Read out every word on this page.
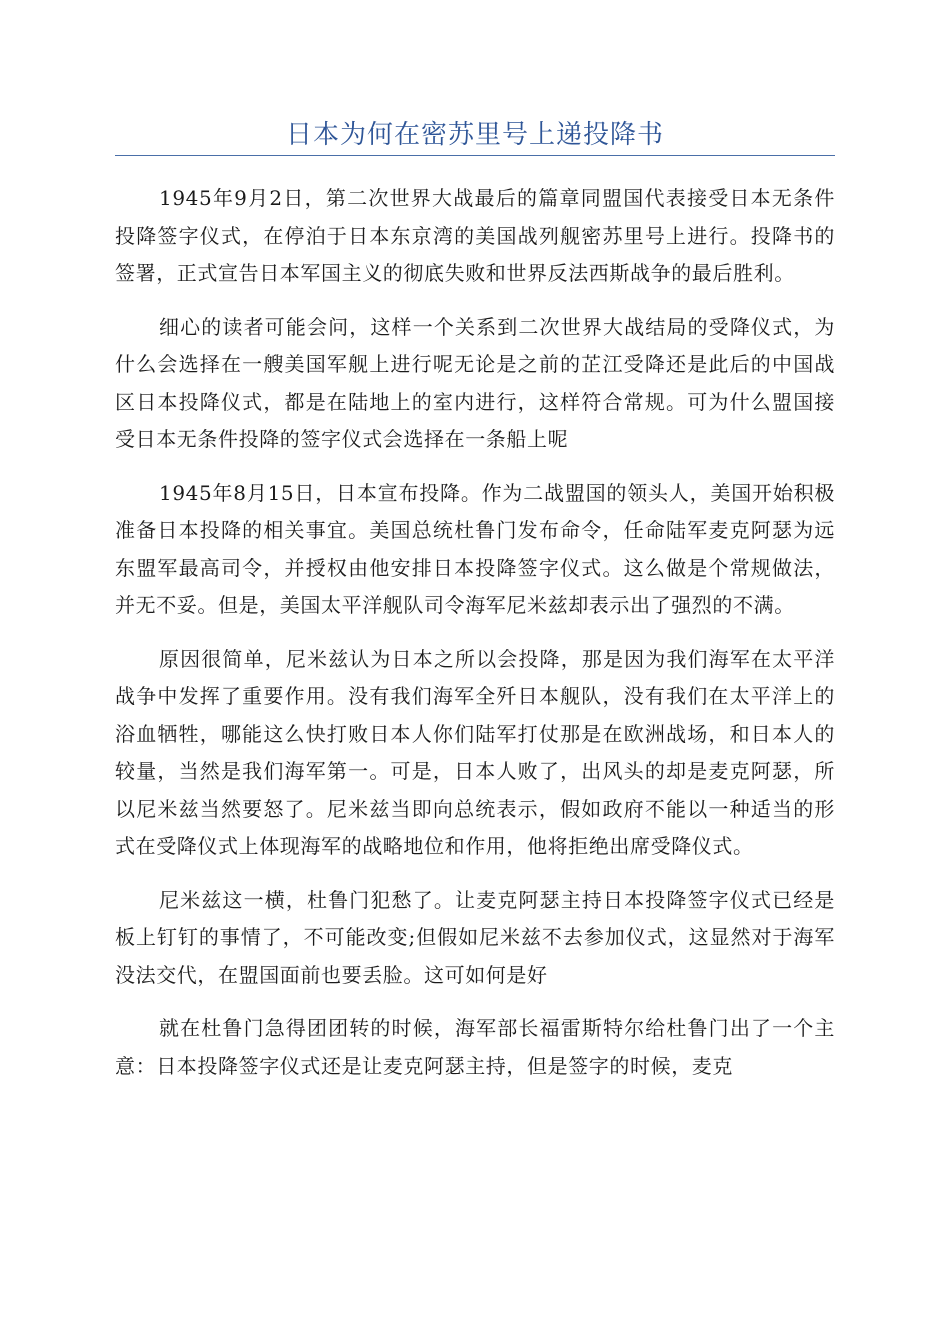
日本为何在密苏里号上递投降书

1945年9月2日，第二次世界大战最后的篇章同盟国代表接受日本无条件投降签字仪式，在停泊于日本东京湾的美国战列舰密苏里号上进行。投降书的签署，正式宣告日本军国主义的彻底失败和世界反法西斯战争的最后胜利。

细心的读者可能会问，这样一个关系到二次世界大战结局的受降仪式，为什么会选择在一艘美国军舰上进行呢无论是之前的芷江受降还是此后的中国战区日本投降仪式，都是在陆地上的室内进行，这样符合常规。可为什么盟国接受日本无条件投降的签字仪式会选择在一条船上呢

1945年8月15日，日本宣布投降。作为二战盟国的领头人，美国开始积极准备日本投降的相关事宜。美国总统杜鲁门发布命令，任命陆军麦克阿瑟为远东盟军最高司令，并授权由他安排日本投降签字仪式。这么做是个常规做法，并无不妥。但是，美国太平洋舰队司令海军尼米兹却表示出了强烈的不满。

原因很简单，尼米兹认为日本之所以会投降，那是因为我们海军在太平洋战争中发挥了重要作用。没有我们海军全歼日本舰队，没有我们在太平洋上的浴血牺牲，哪能这么快打败日本人你们陆军打仗那是在欧洲战场，和日本人的较量，当然是我们海军第一。可是，日本人败了，出风头的却是麦克阿瑟，所以尼米兹当然要怒了。尼米兹当即向总统表示，假如政府不能以一种适当的形式在受降仪式上体现海军的战略地位和作用，他将拒绝出席受降仪式。

尼米兹这一横，杜鲁门犯愁了。让麦克阿瑟主持日本投降签字仪式已经是板上钉钉的事情了，不可能改变;但假如尼米兹不去参加仪式，这显然对于海军没法交代，在盟国面前也要丢脸。这可如何是好

就在杜鲁门急得团团转的时候，海军部长福雷斯特尔给杜鲁门出了一个主意：日本投降签字仪式还是让麦克阿瑟主持，但是签字的时候，麦克
